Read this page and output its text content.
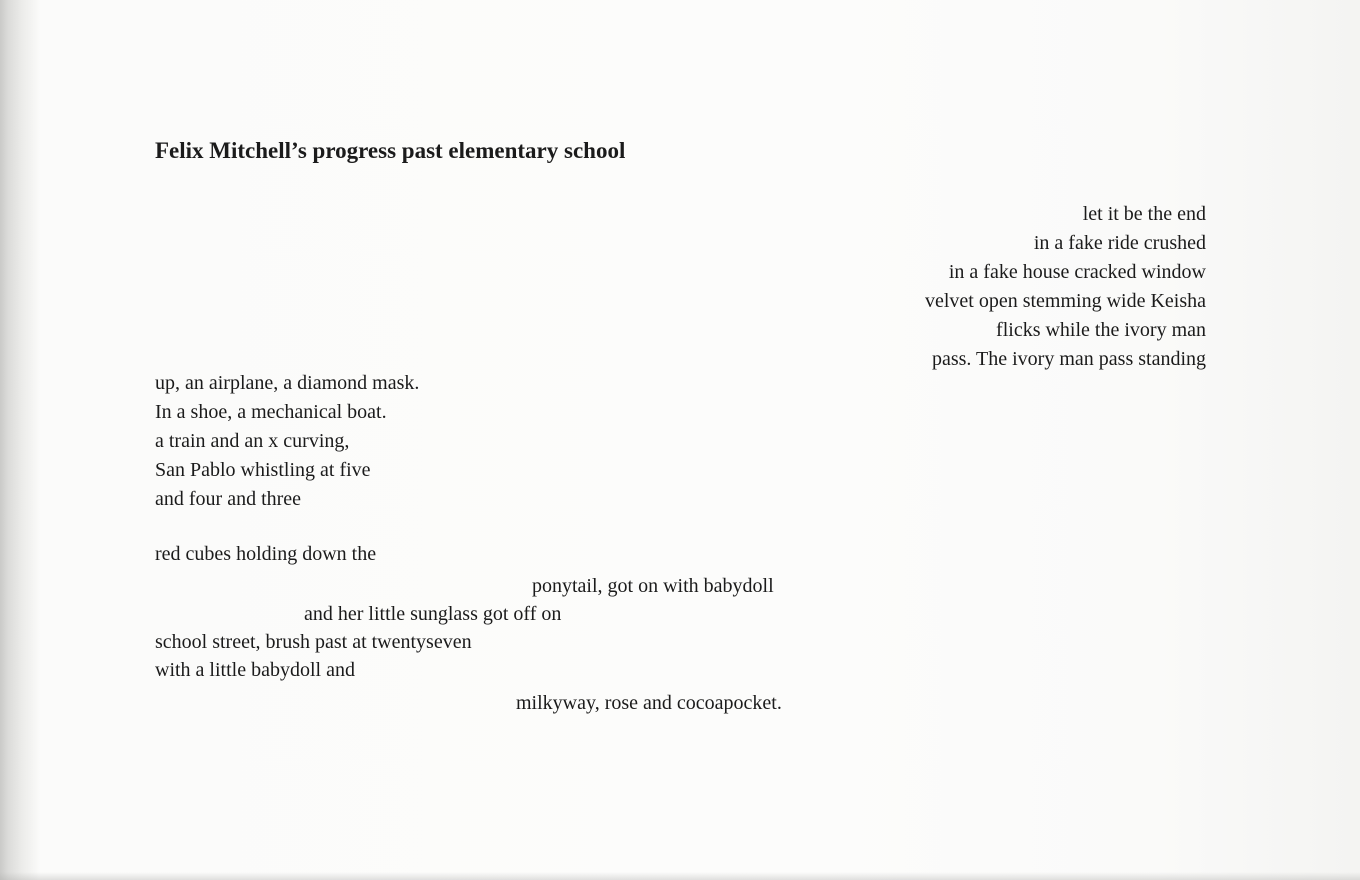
Felix Mitchell’s progress past elementary school
let it be the end
in a fake ride crushed
in a fake house cracked window
velvet open stemming wide Keisha
flicks while the ivory man
pass. The ivory man pass standing
up, an airplane, a diamond mask.
In a shoe, a mechanical boat.
a train and an x curving,
San Pablo whistling at five
and four and three
red cubes holding down the
ponytail, got on with babydoll
and her little sunglass got off on
school street, brush past at twentyseven
with a little babydoll and
milkyway, rose and cocoapocket.
